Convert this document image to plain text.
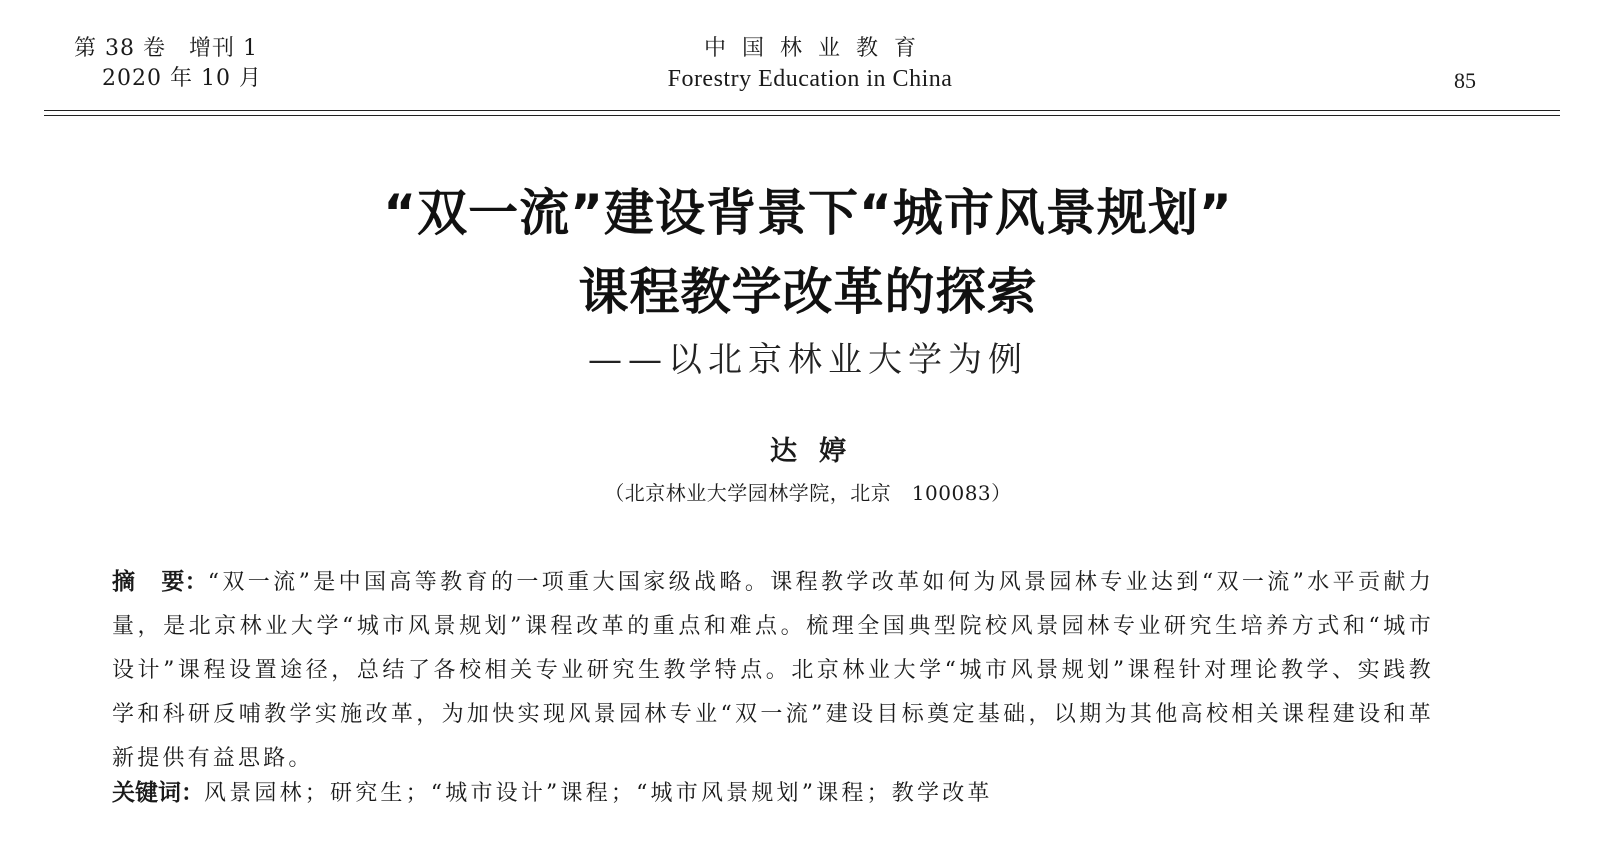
第 38 卷　增刊 1
2020 年 10 月
中国林业教育
Forestry Education in China	85
“双一流”建设背景下“城市风景规划”
课程教学改革的探索
——以北京林业大学为例
达婷
（北京林业大学园林学院，北京　100083）
摘 要：“双一流”是中国高等教育的一项重大国家级战略。课程教学改革如何为风景园林专业达到“双一流”水平贡献力量，是北京林业大学“城市风景规划”课程改革的重点和难点。梳理全国典型院校风景园林专业研究生培养方式和“城市设计”课程设置途径，总结了各校相关专业研究生教学特点。北京林业大学“城市风景规划”课程针对理论教学、实践教学和科研反哺教学实施改革，为加快实现风景园林专业“双一流”建设目标奠定基础，以期为其他高校相关课程建设和革新提供有益思路。
关键词：风景园林；研究生；“城市设计”课程；“城市风景规划”课程；教学改革
